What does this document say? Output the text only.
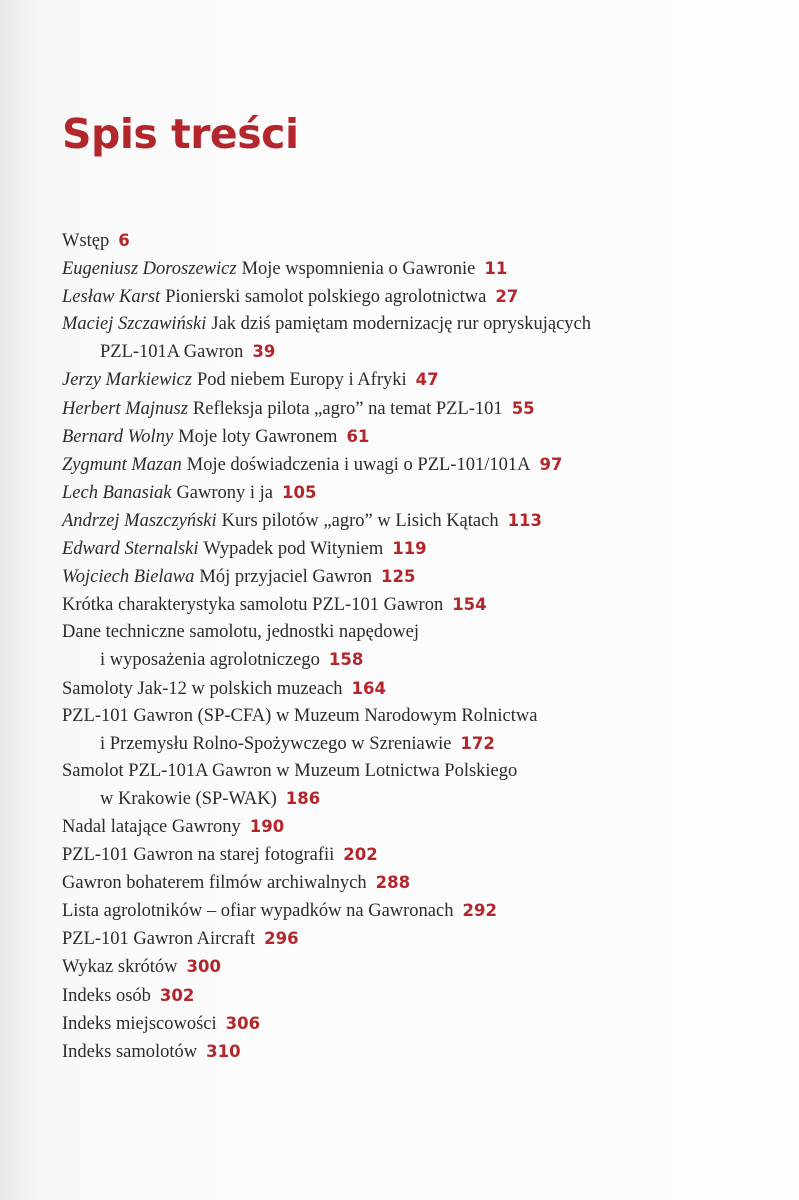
Spis treści
Wstęp 6
Eugeniusz Doroszewicz Moje wspomnienia o Gawronie 11
Lesław Karst Pionierski samolot polskiego agrolotnictwa 27
Maciej Szczawiński Jak dziś pamiętam modernizację rur opryskujących
PZL-101A Gawron 39
Jerzy Markiewicz Pod niebem Europy i Afryki 47
Herbert Majnusz Refleksja pilota „agro” na temat PZL-101 55
Bernard Wolny Moje loty Gawronem 61
Zygmunt Mazan Moje doświadczenia i uwagi o PZL-101/101A 97
Lech Banasiak Gawrony i ja 105
Andrzej Maszczyński Kurs pilotów „agro” w Lisich Kątach 113
Edward Sternalski Wypadek pod Wityniem 119
Wojciech Bielawa Mój przyjaciel Gawron 125
Krótka charakterystyka samolotu PZL-101 Gawron 154
Dane techniczne samolotu, jednostki napędowej
i wyposażenia agrolotniczego 158
Samoloty Jak-12 w polskich muzeach 164
PZL-101 Gawron (SP-CFA) w Muzeum Narodowym Rolnictwa
i Przemysłu Rolno-Spożywczego w Szreniawie 172
Samolot PZL-101A Gawron w Muzeum Lotnictwa Polskiego
w Krakowie (SP-WAK) 186
Nadal latające Gawrony 190
PZL-101 Gawron na starej fotografii 202
Gawron bohaterem filmów archiwalnych 288
Lista agrolotników – ofiar wypadków na Gawronach 292
PZL-101 Gawron Aircraft 296
Wykaz skrótów 300
Indeks osób 302
Indeks miejscowości 306
Indeks samolotów 310
